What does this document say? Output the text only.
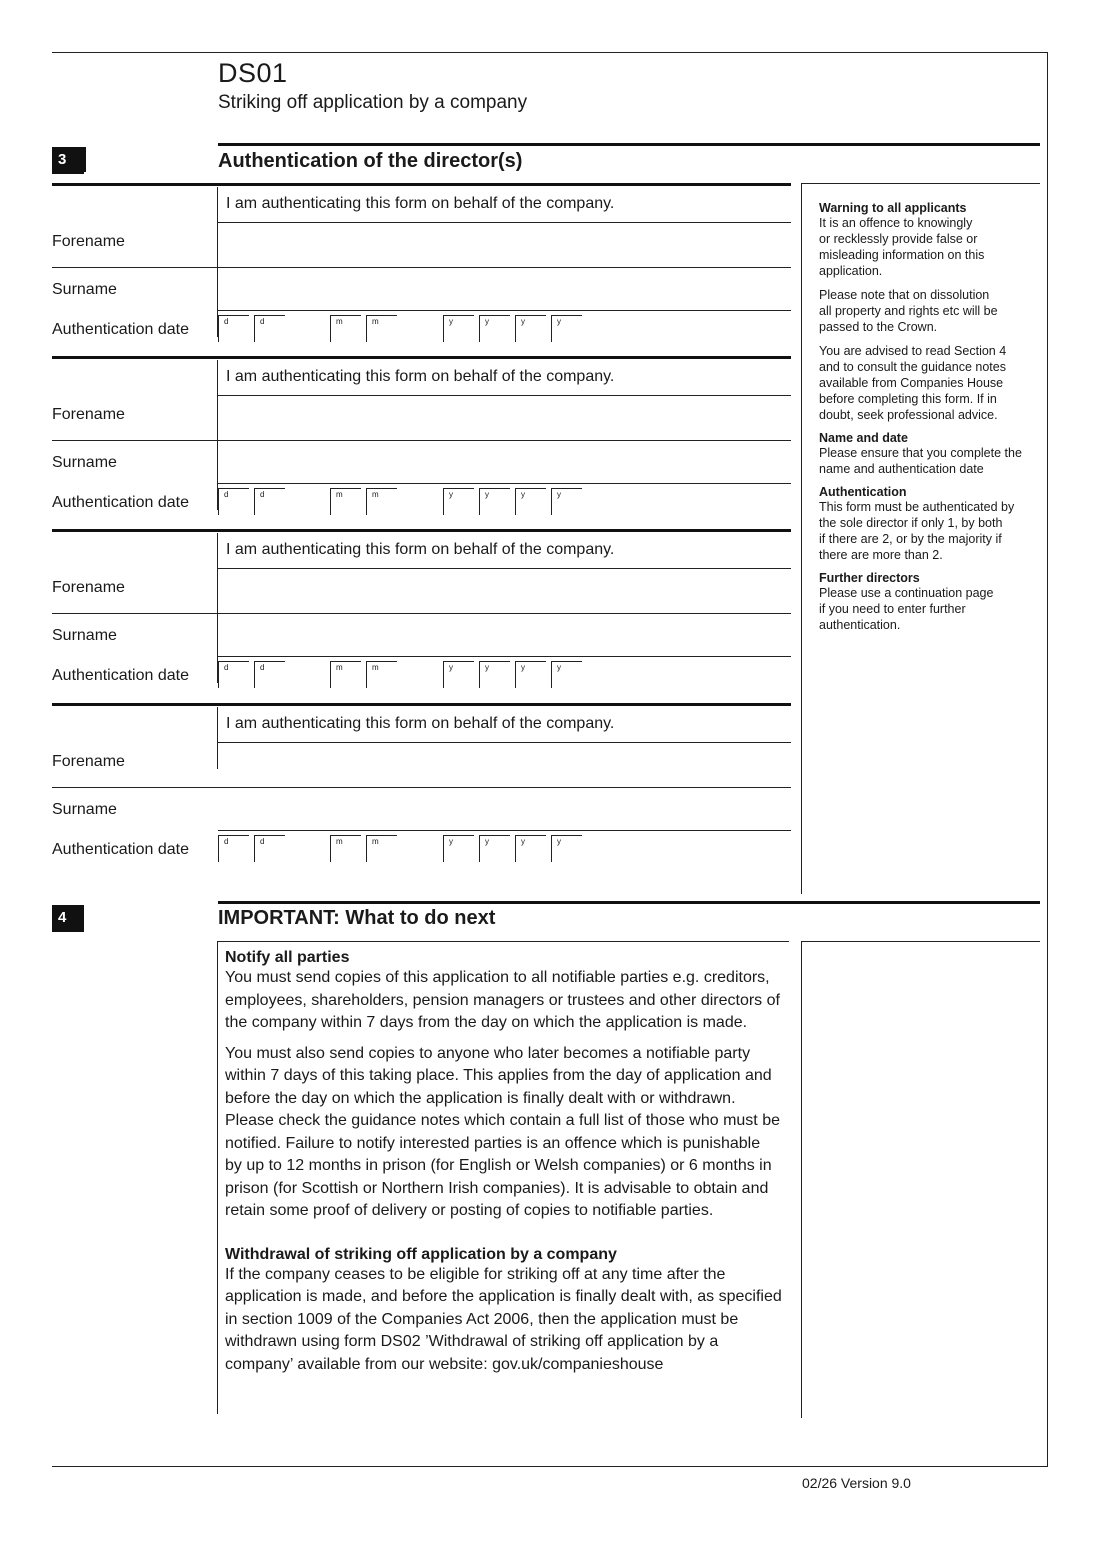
DS01
Striking off application by a company
3	Authentication of the director(s)
I am authenticating this form on behalf of the company.
Forename
Surname
Authentication date	d	d	m	m	y	y	y	y
I am authenticating this form on behalf of the company.
Forename
Surname
Authentication date	d	d	m	m	y	y	y	y
I am authenticating this form on behalf of the company.
Forename
Surname
Authentication date	d	d	m	m	y	y	y	y
I am authenticating this form on behalf of the company.
Forename
Surname
Authentication date	d	d	m	m	y	y	y	y
Warning to all applicants
It is an offence to knowingly
or recklessly provide false or
misleading information on this
application.
Please note that on dissolution
all property and rights etc will be
passed to the Crown.
You are advised to read Section 4
and to consult the guidance notes
available from Companies House
before completing this form. If in
doubt, seek professional advice.
Name and date
Please ensure that you complete the
name and authentication date
Authentication
This form must be authenticated by
the sole director if only 1, by both
if there are 2, or by the majority if
there are more than 2.
Further directors
Please use a continuation page
if you need to enter further
authentication.
4	IMPORTANT: What to do next
Notify all parties
You must send copies of this application to all notifiable parties e.g. creditors,
employees, shareholders, pension managers or trustees and other directors of
the company within 7 days from the day on which the application is made.
You must also send copies to anyone who later becomes a notifiable party
within 7 days of this taking place. This applies from the day of application and
before the day on which the application is finally dealt with or withdrawn.
Please check the guidance notes which contain a full list of those who must be
notified. Failure to notify interested parties is an offence which is punishable
by up to 12 months in prison (for English or Welsh companies) or 6 months in
prison (for Scottish or Northern Irish companies). It is advisable to obtain and
retain some proof of delivery or posting of copies to notifiable parties.
Withdrawal of striking off application by a company
If the company ceases to be eligible for striking off at any time after the
application is made, and before the application is finally dealt with, as specified
in section 1009 of the Companies Act 2006, then the application must be
withdrawn using form DS02 ’Withdrawal of striking off application by a
company’ available from our website: gov.uk/companieshouse
02/26 Version 9.0
